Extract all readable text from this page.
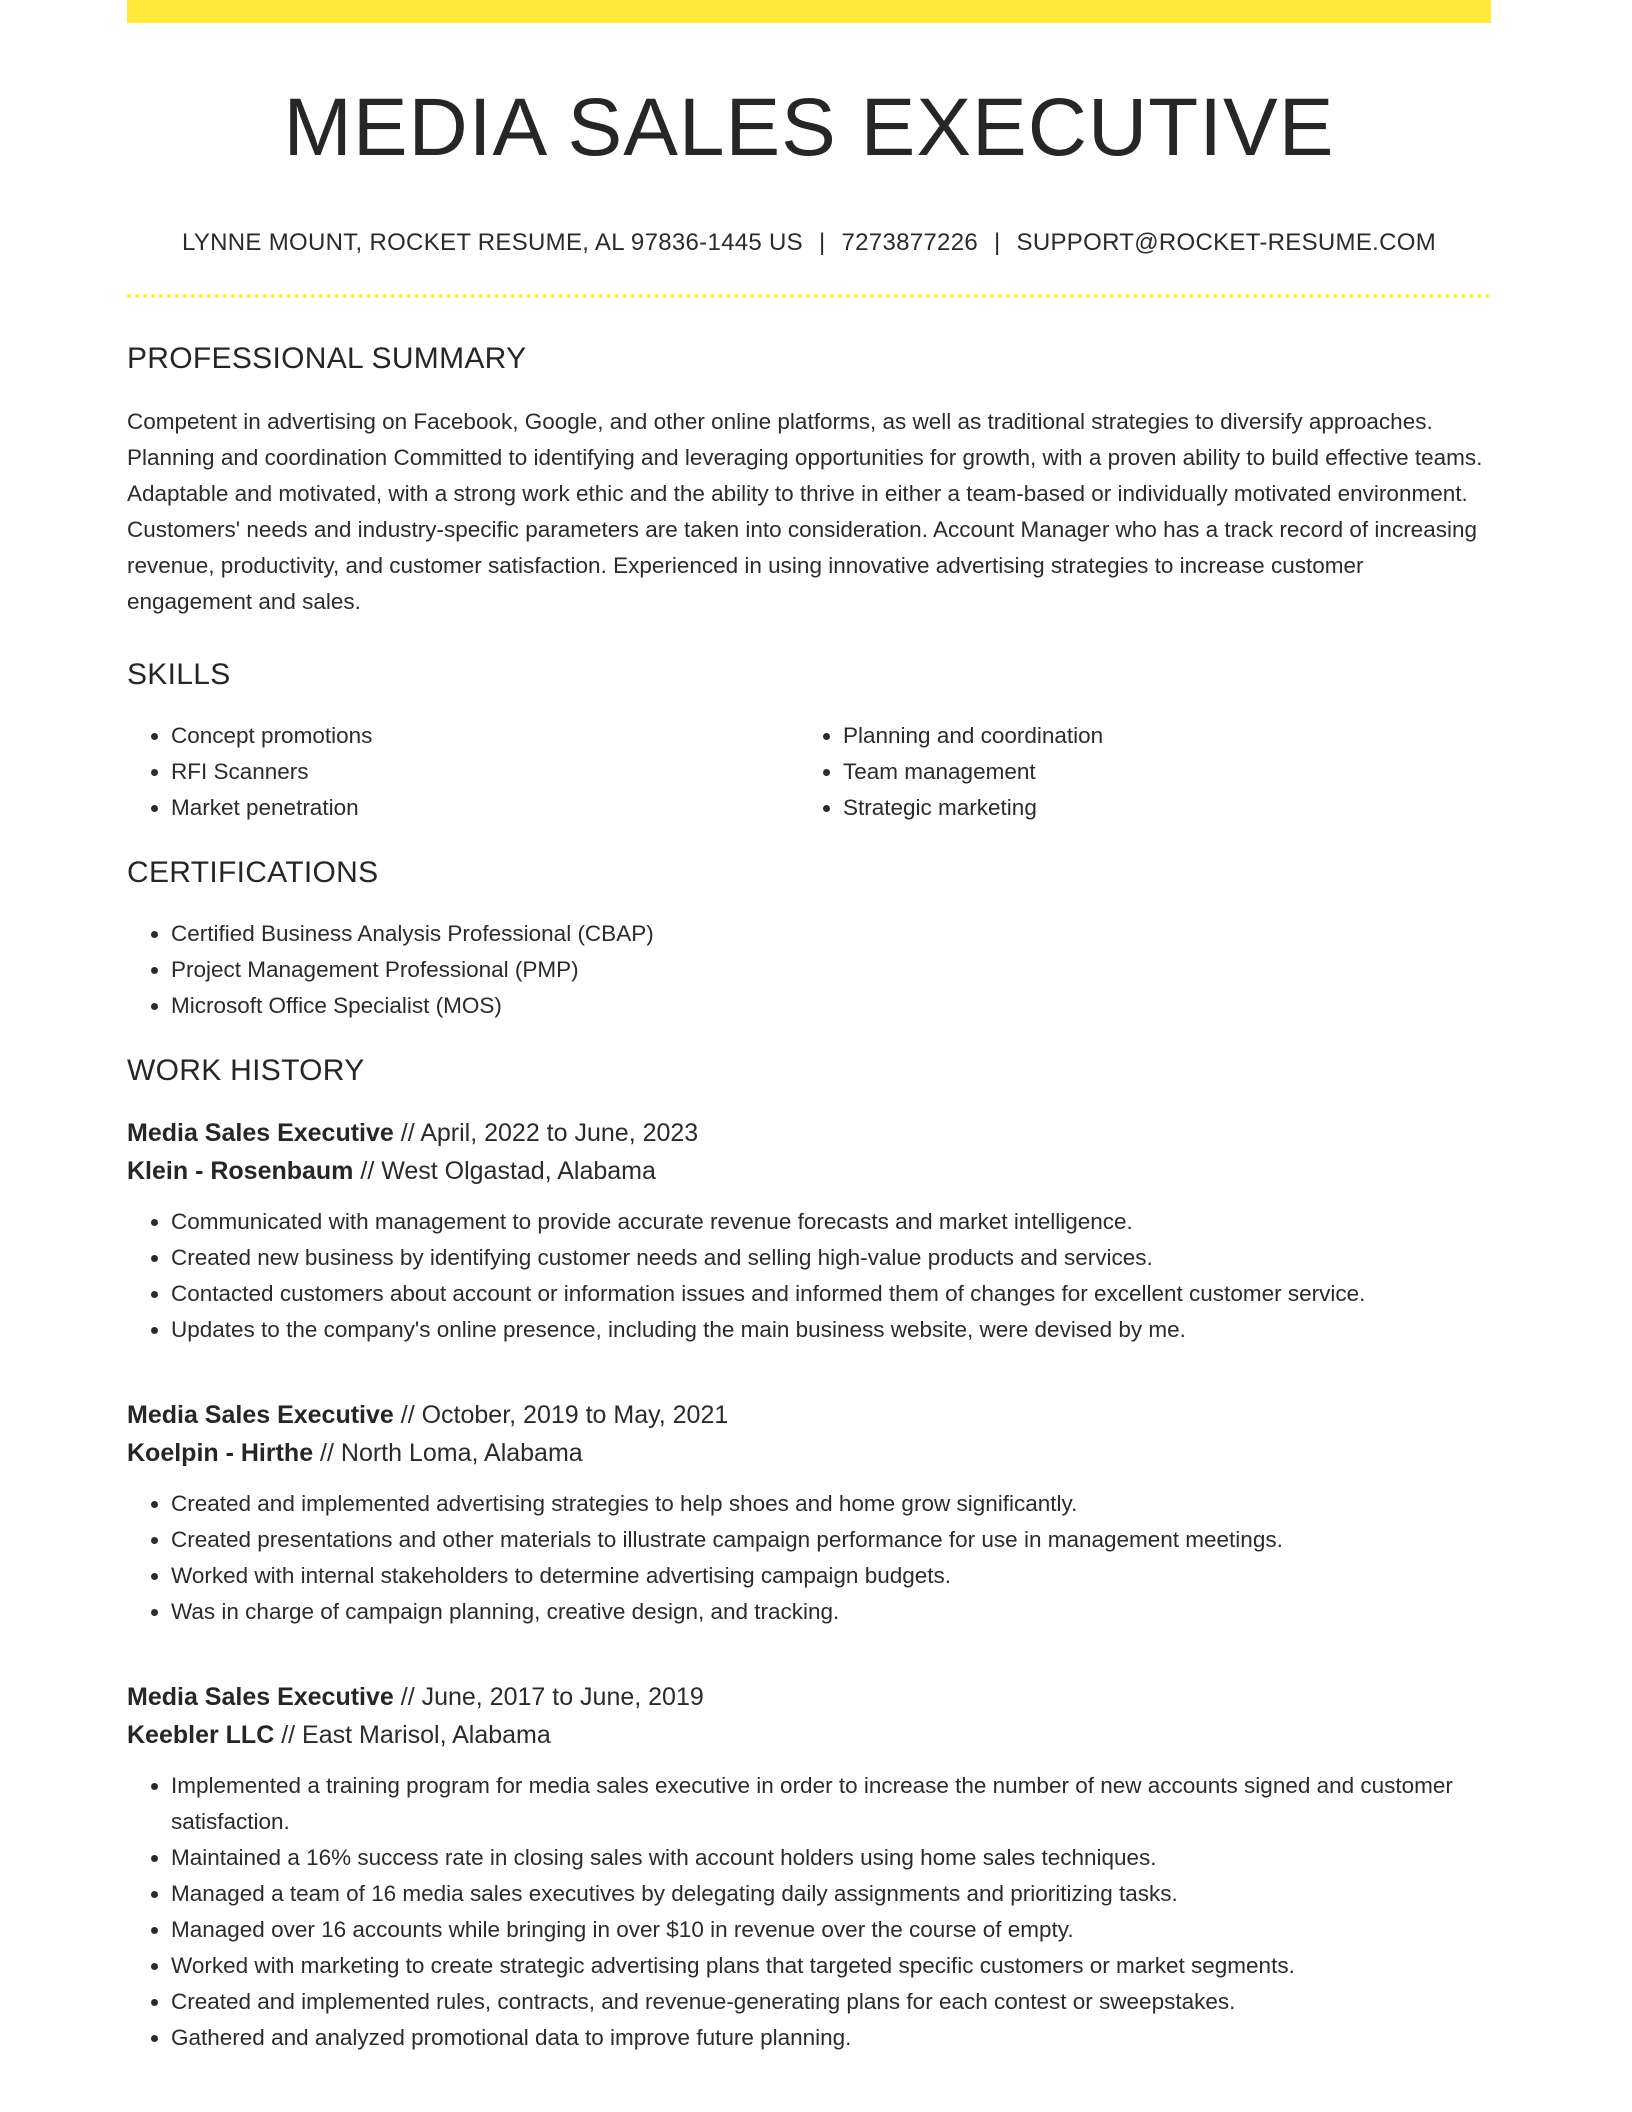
MEDIA SALES EXECUTIVE
LYNNE MOUNT, ROCKET RESUME, AL 97836-1445 US | 7273877226 | SUPPORT@ROCKET-RESUME.COM
PROFESSIONAL SUMMARY

Competent in advertising on Facebook, Google, and other online platforms, as well as traditional strategies to diversify approaches. Planning and coordination Committed to identifying and leveraging opportunities for growth, with a proven ability to build effective teams. Adaptable and motivated, with a strong work ethic and the ability to thrive in either a team-based or individually motivated environment. Customers' needs and industry-specific parameters are taken into consideration. Account Manager who has a track record of increasing revenue, productivity, and customer satisfaction. Experienced in using innovative advertising strategies to increase customer engagement and sales.

SKILLS
• Concept promotions
• RFI Scanners
• Market penetration
• Planning and coordination
• Team management
• Strategic marketing
CERTIFICATIONS
• Certified Business Analysis Professional (CBAP)
• Project Management Professional (PMP)
• Microsoft Office Specialist (MOS)
WORK HISTORY
Media Sales Executive // April, 2022 to June, 2023
Klein - Rosenbaum // West Olgastad, Alabama
• Communicated with management to provide accurate revenue forecasts and market intelligence.
• Created new business by identifying customer needs and selling high-value products and services.
• Contacted customers about account or information issues and informed them of changes for excellent customer service.
• Updates to the company's online presence, including the main business website, were devised by me.
Media Sales Executive // October, 2019 to May, 2021
Koelpin - Hirthe // North Loma, Alabama
• Created and implemented advertising strategies to help shoes and home grow significantly.
• Created presentations and other materials to illustrate campaign performance for use in management meetings.
• Worked with internal stakeholders to determine advertising campaign budgets.
• Was in charge of campaign planning, creative design, and tracking.
Media Sales Executive // June, 2017 to June, 2019
Keebler LLC // East Marisol, Alabama
• Implemented a training program for media sales executive in order to increase the number of new accounts signed and customer satisfaction.
• Maintained a 16% success rate in closing sales with account holders using home sales techniques.
• Managed a team of 16 media sales executives by delegating daily assignments and prioritizing tasks.
• Managed over 16 accounts while bringing in over $10 in revenue over the course of empty.
• Worked with marketing to create strategic advertising plans that targeted specific customers or market segments.
• Created and implemented rules, contracts, and revenue-generating plans for each contest or sweepstakes.
• Gathered and analyzed promotional data to improve future planning.
